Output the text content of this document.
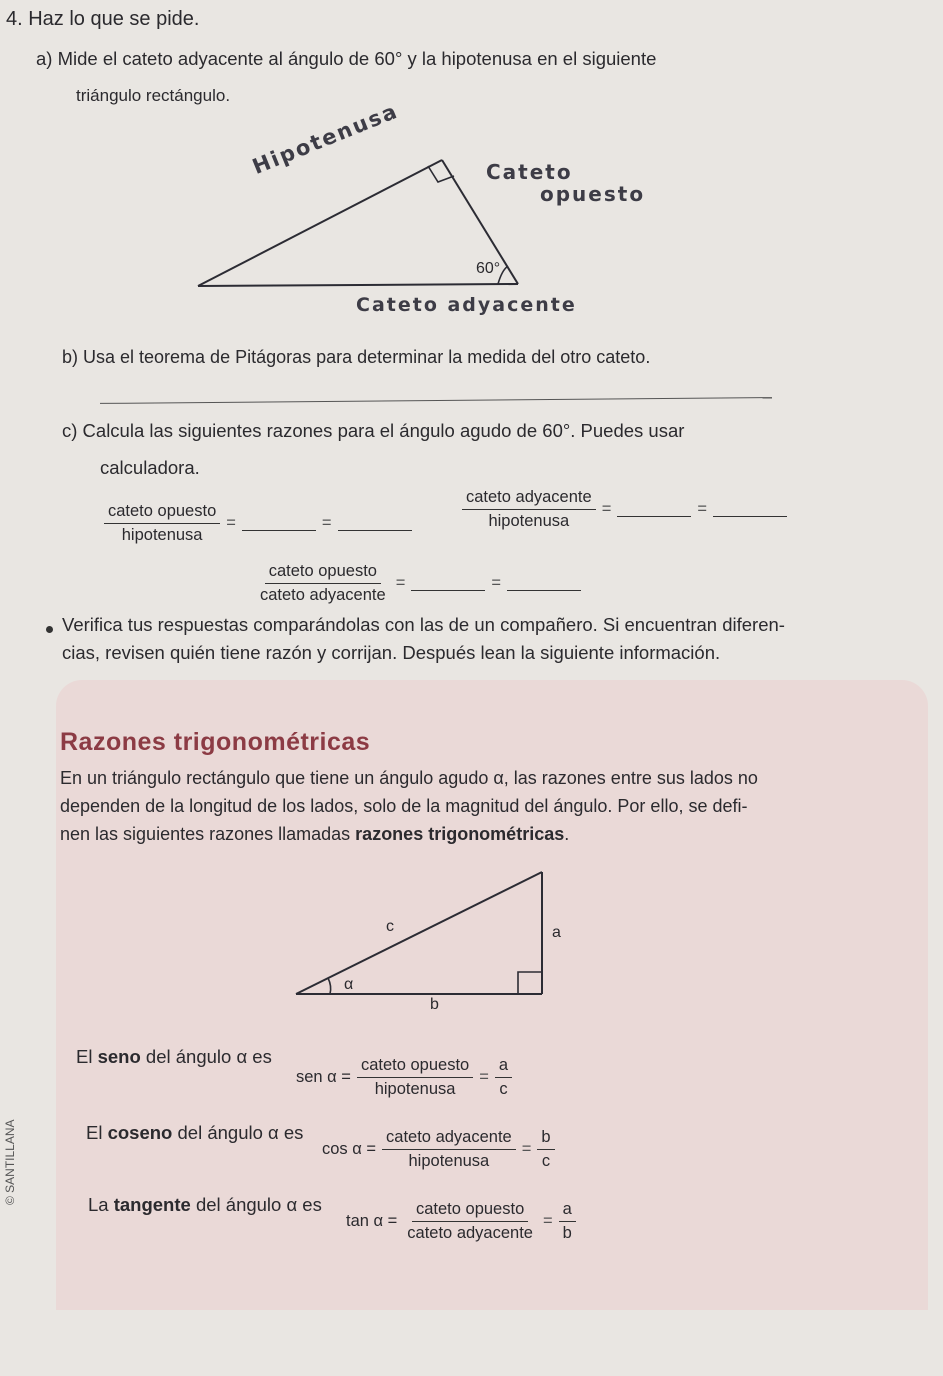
4. Haz lo que se pide.
a) Mide el cateto adyacente al ángulo de 60° y la hipotenusa en el siguiente
triángulo rectángulo.
Hipotenusa	Cateto
opuesto
60°
Cateto adyacente
b) Usa el teorema de Pitágoras para determinar la medida del otro cateto.
c) Calcula las siguientes razones para el ángulo agudo de 60°. Puedes usar
calculadora.
$\frac{\text{cateto opuesto}}{\text{hipotenusa}}$ =	=	$\frac{\text{cateto adyacente}}{\text{hipotenusa}}$ =	=
$\frac{\text{cateto opuesto}}{\text{cateto adyacente}}$ =	=
Verifica tus respuestas comparándolas con las de un compañero. Si encuentran diferen-
cias, revisen quién tiene razón y corrijan. Después lean la siguiente información.
Razones trigonométricas
En un triángulo rectángulo que tiene un ángulo agudo α, las razones entre sus lados no
dependen de la longitud de los lados, solo de la magnitud del ángulo. Por ello, se defi-
nen las siguientes razones llamadas razones trigonométricas.
c	a
b
α
El seno del ángulo α es
sen $\alpha = \frac{\text{cateto opuesto}}{\text{hipotenusa}} = \frac{a}{c}$
El coseno del ángulo α es
$\cos \alpha = \frac{\text{cateto adyacente}}{\text{hipotenusa}} = \frac{b}{c}$
La tangente del ángulo α es
$\tan \alpha = \frac{\text{cateto opuesto}}{\text{cateto adyacente}} = \frac{a}{b}$
© SANTILLANA
